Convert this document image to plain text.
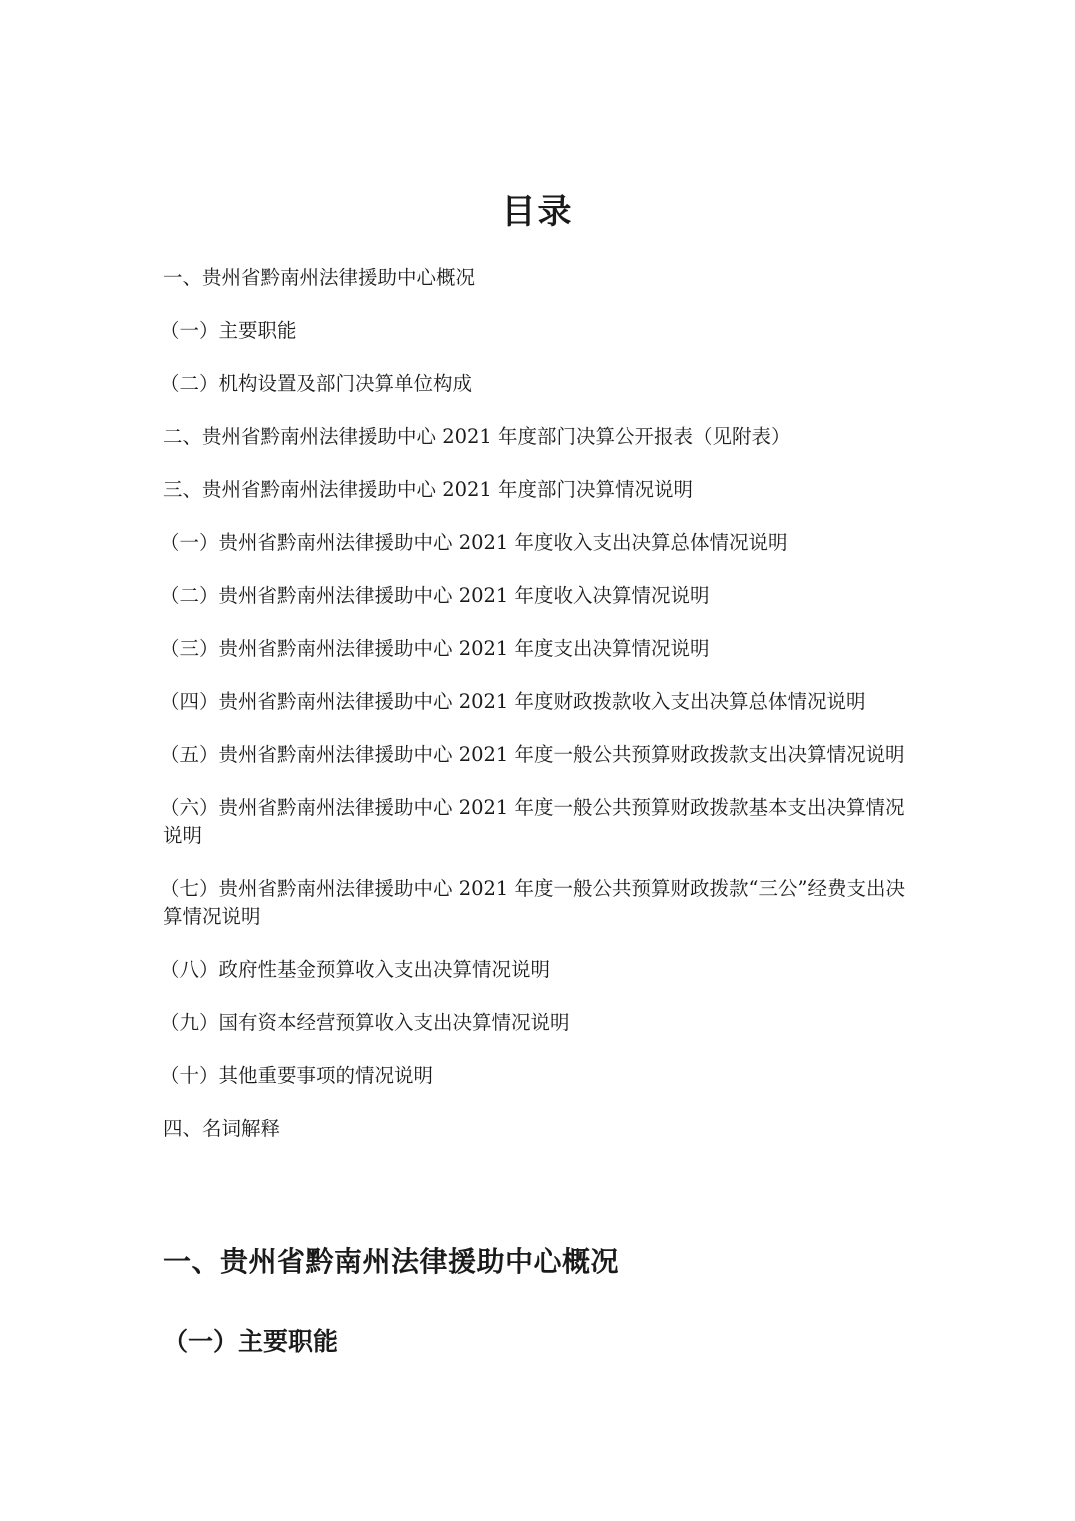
目录
一、贵州省黔南州法律援助中心概况
（一）主要职能
（二）机构设置及部门决算单位构成
二、贵州省黔南州法律援助中心 2021 年度部门决算公开报表（见附表）
三、贵州省黔南州法律援助中心 2021 年度部门决算情况说明
（一）贵州省黔南州法律援助中心 2021 年度收入支出决算总体情况说明
（二）贵州省黔南州法律援助中心 2021 年度收入决算情况说明
（三）贵州省黔南州法律援助中心 2021 年度支出决算情况说明
（四）贵州省黔南州法律援助中心 2021 年度财政拨款收入支出决算总体情况说明
（五）贵州省黔南州法律援助中心 2021 年度一般公共预算财政拨款支出决算情况说明
（六）贵州省黔南州法律援助中心 2021 年度一般公共预算财政拨款基本支出决算情况说明
（七）贵州省黔南州法律援助中心 2021 年度一般公共预算财政拨款“三公”经费支出决算情况说明
（八）政府性基金预算收入支出决算情况说明
（九）国有资本经营预算收入支出决算情况说明
（十）其他重要事项的情况说明
四、名词解释
一、贵州省黔南州法律援助中心概况
（一）主要职能
